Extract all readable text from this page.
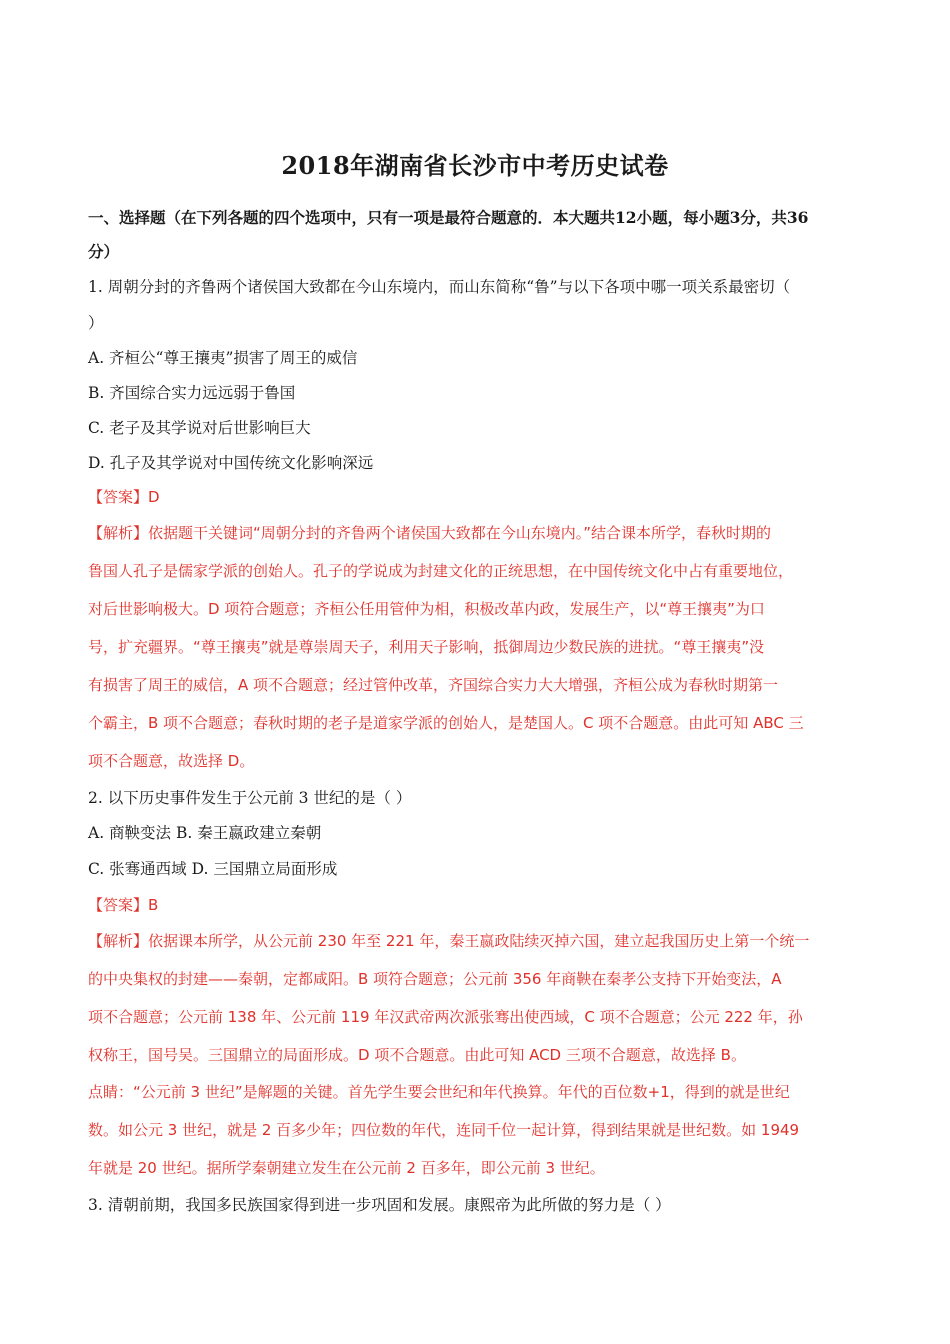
2018年湖南省长沙市中考历史试卷
一、选择题（在下列各题的四个选项中，只有一项是最符合题意的．本大题共12小题，每小题3分，共36
分）
1. 周朝分封的齐鲁两个诸侯国大致都在今山东境内，而山东简称“鲁”与以下各项中哪一项关系最密切（
）
A. 齐桓公“尊王攘夷”损害了周王的威信
B. 齐国综合实力远远弱于鲁国
C. 老子及其学说对后世影响巨大
D. 孔子及其学说对中国传统文化影响深远
【答案】D
【解析】依据题干关键词“周朝分封的齐鲁两个诸侯国大致都在今山东境内。”结合课本所学，春秋时期的
鲁国人孔子是儒家学派的创始人。孔子的学说成为封建文化的正统思想，在中国传统文化中占有重要地位，
对后世影响极大。D 项符合题意；齐桓公任用管仲为相，积极改革内政，发展生产，以“尊王攘夷”为口
号，扩充疆界。“尊王攘夷”就是尊崇周天子，利用天子影响，抵御周边少数民族的进扰。“尊王攘夷”没
有损害了周王的威信，A 项不合题意；经过管仲改革，齐国综合实力大大增强，齐桓公成为春秋时期第一
个霸主，B 项不合题意；春秋时期的老子是道家学派的创始人，是楚国人。C 项不合题意。由此可知 ABC 三
项不合题意，故选择 D。
2. 以下历史事件发生于公元前 3 世纪的是（ ）
A. 商鞅变法 B. 秦王嬴政建立秦朝
C. 张骞通西域 D. 三国鼎立局面形成
【答案】B
【解析】依据课本所学，从公元前 230 年至 221 年，秦王嬴政陆续灭掉六国，建立起我国历史上第一个统一
的中央集权的封建——秦朝，定都咸阳。B 项符合题意；公元前 356 年商鞅在秦孝公支持下开始变法，A
项不合题意；公元前 138 年、公元前 119 年汉武帝两次派张骞出使西域，C 项不合题意；公元 222 年，孙
权称王，国号吴。三国鼎立的局面形成。D 项不合题意。由此可知 ACD 三项不合题意，故选择 B。
点睛：“公元前 3 世纪”是解题的关键。首先学生要会世纪和年代换算。年代的百位数+1，得到的就是世纪
数。如公元 3 世纪，就是 2 百多少年；四位数的年代，连同千位一起计算，得到结果就是世纪数。如 1949
年就是 20 世纪。据所学秦朝建立发生在公元前 2 百多年，即公元前 3 世纪。
3. 清朝前期，我国多民族国家得到进一步巩固和发展。康熙帝为此所做的努力是（ ）
